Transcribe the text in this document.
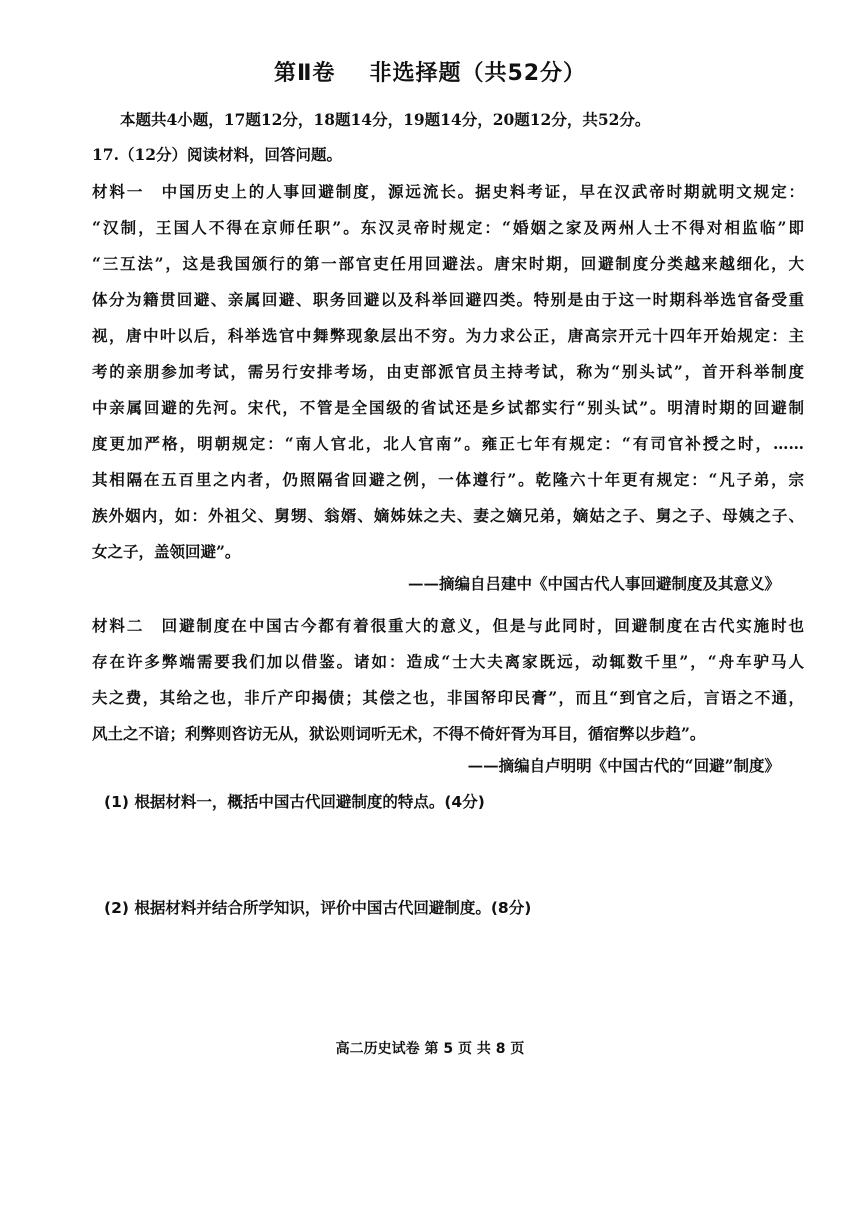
第Ⅱ卷 非选择题（共52分）
本题共4小题，17题12分，18题14分，19题14分，20题12分，共52分。
17.（12分）阅读材料，回答问题。
材料一　中国历史上的人事回避制度，源远流长。据史料考证，早在汉武帝时期就明文规定：
“汉制，王国人不得在京师任职”。东汉灵帝时规定：“婚姻之家及两州人士不得对相监临”即
“三互法”，这是我国颁行的第一部官吏任用回避法。唐宋时期，回避制度分类越来越细化，大
体分为籍贯回避、亲属回避、职务回避以及科举回避四类。特别是由于这一时期科举选官备受重
视，唐中叶以后，科举选官中舞弊现象层出不穷。为力求公正，唐高宗开元十四年开始规定：主
考的亲朋参加考试，需另行安排考场，由吏部派官员主持考试，称为“别头试”，首开科举制度
中亲属回避的先河。宋代，不管是全国级的省试还是乡试都实行“别头试”。明清时期的回避制
度更加严格，明朝规定：“南人官北，北人官南”。雍正七年有规定：“有司官补授之时，……
其相隔在五百里之内者，仍照隔省回避之例，一体遵行”。乾隆六十年更有规定：“凡子弟，宗
族外姻内，如：外祖父、舅甥、翁婿、嫡姊妹之夫、妻之嫡兄弟，嫡姑之子、舅之子、母姨之子、
女之子，盖领回避”。
——摘编自吕建中《中国古代人事回避制度及其意义》
材料二　回避制度在中国古今都有着很重大的意义，但是与此同时，回避制度在古代实施时也
存在许多弊端需要我们加以借鉴。诸如：造成“士大夫离家既远，动辄数千里”，“舟车驴马人
夫之费，其给之也，非斤产印揭债；其偿之也，非国帑印民膏”，而且“到官之后，言语之不通，
风土之不谙；利弊则咨访无从，狱讼则词听无术，不得不倚奸胥为耳目，循宿弊以步趋”。
——摘编自卢明明《中国古代的“回避”制度》
(1) 根据材料一，概括中国古代回避制度的特点。(4分)
(2) 根据材料并结合所学知识，评价中国古代回避制度。(8分)
高二历史试卷 第 5 页 共 8 页
